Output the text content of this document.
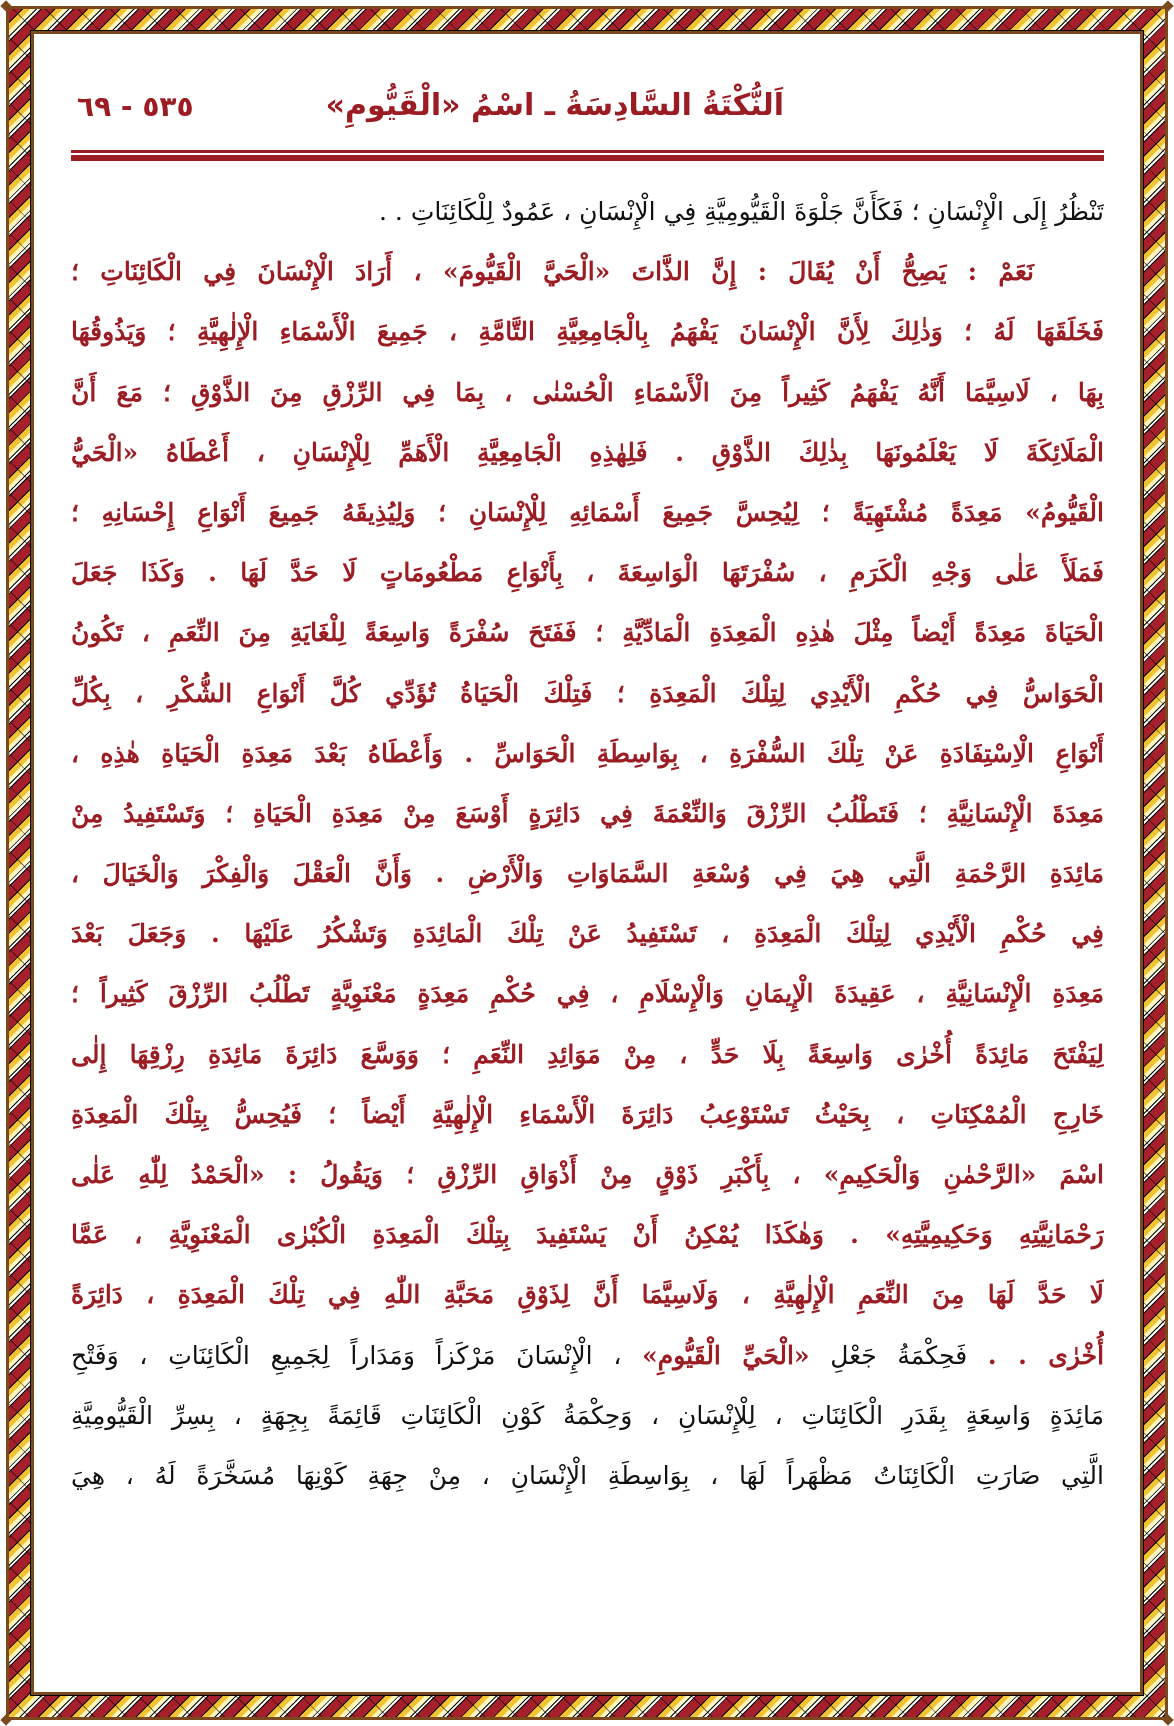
اَلنُّكْتَةُ السَّادِسَةُ ـ اسْمُ «الْقَيُّومِ»
٥٣٥ - ٦٩
تَنْظُرُ إِلَى الْإِنْسَانِ ؛ فَكَأَنَّ جَلْوَةَ الْقَيُّومِيَّةِ فِي الْإِنْسَانِ ، عَمُودٌ لِلْكَائِنَاتِ . .
نَعَمْ : يَصِحُّ أَنْ يُقَالَ : إِنَّ الذَّاتَ «الْحَيَّ الْقَيُّومَ» ، أَرَادَ الْإِنْسَانَ فِي الْكَائِنَاتِ ؛
فَخَلَقَهَا لَهُ ؛ وَذٰلِكَ لِأَنَّ الْإِنْسَانَ يَفْهَمُ بِالْجَامِعِيَّةِ التَّامَّةِ ، جَمِيعَ الْأَسْمَاءِ الْإِلٰهِيَّةِ ؛ وَيَذُوقُهَا
بِهَا ، لَاسِيَّمَا أَنَّهُ يَفْهَمُ كَثِيراً مِنَ الْأَسْمَاءِ الْحُسْنٰى ، بِمَا فِي الرِّزْقِ مِنَ الذَّوْقِ ؛ مَعَ أَنَّ
الْمَلَائِكَةَ لَا يَعْلَمُونَهَا بِذٰلِكَ الذَّوْقِ . فَلِهٰذِهِ الْجَامِعِيَّةِ الْأَهَمِّ لِلْإِنْسَانِ ، أَعْطَاهُ «الْحَيُّ
الْقَيُّومُ» مَعِدَةً مُشْتَهِيَةً ؛ لِيُحِسَّ جَمِيعَ أَسْمَائِهِ لِلْإِنْسَانِ ؛ وَلِيُذِيقَهُ جَمِيعَ أَنْوَاعِ إِحْسَانِهِ ؛
فَمَلَأَ عَلٰى وَجْهِ الْكَرَمِ ، سُفْرَتَهَا الْوَاسِعَةَ ، بِأَنْوَاعِ مَطْعُومَاتٍ لَا حَدَّ لَهَا . وَكَذَا جَعَلَ
الْحَيَاةَ مَعِدَةً أَيْضاً مِثْلَ هٰذِهِ الْمَعِدَةِ الْمَادِّيَّةِ ؛ فَفَتَحَ سُفْرَةً وَاسِعَةً لِلْغَايَةِ مِنَ النِّعَمِ ، تَكُونُ
الْحَوَاسُّ فِي حُكْمِ الْأَيْدِي لِتِلْكَ الْمَعِدَةِ ؛ فَتِلْكَ الْحَيَاةُ تُؤَدِّي كُلَّ أَنْوَاعِ الشُّكْرِ ، بِكُلِّ
أَنْوَاعِ الْاِسْتِفَادَةِ عَنْ تِلْكَ السُّفْرَةِ ، بِوَاسِطَةِ الْحَوَاسِّ . وَأَعْطَاهُ بَعْدَ مَعِدَةِ الْحَيَاةِ هٰذِهِ ،
مَعِدَةَ الْإِنْسَانِيَّةِ ؛ فَتَطْلُبُ الرِّزْقَ وَالنِّعْمَةَ فِي دَائِرَةٍ أَوْسَعَ مِنْ مَعِدَةِ الْحَيَاةِ ؛ وَتَسْتَفِيدُ مِنْ
مَائِدَةِ الرَّحْمَةِ الَّتِي هِيَ فِي وُسْعَةِ السَّمَاوَاتِ وَالْأَرْضِ . وَأَنَّ الْعَقْلَ وَالْفِكْرَ وَالْخَيَالَ ،
فِي حُكْمِ الْأَيْدِي لِتِلْكَ الْمَعِدَةِ ، تَسْتَفِيدُ عَنْ تِلْكَ الْمَائِدَةِ وَتَشْكُرُ عَلَيْهَا . وَجَعَلَ بَعْدَ
مَعِدَةِ الْإِنْسَانِيَّةِ ، عَقِيدَةَ الْإِيمَانِ وَالْإِسْلَامِ ، فِي حُكْمِ مَعِدَةٍ مَعْنَوِيَّةٍ تَطْلُبُ الرِّزْقَ كَثِيراً ؛
لِيَفْتَحَ مَائِدَةً أُخْرٰى وَاسِعَةً بِلَا حَدٍّ ، مِنْ مَوَائِدِ النِّعَمِ ؛ وَوَسَّعَ دَائِرَةَ مَائِدَةِ رِزْقِهَا إِلٰى
خَارِجِ الْمُمْكِنَاتِ ، بِحَيْثُ تَسْتَوْعِبُ دَائِرَةَ الْأَسْمَاءِ الْإِلٰهِيَّةِ أَيْضاً ؛ فَيُحِسُّ بِتِلْكَ الْمَعِدَةِ
اسْمَ «الرَّحْمٰنِ وَالْحَكِيمِ» ، بِأَكْبَرِ ذَوْقٍ مِنْ أَذْوَاقِ الرِّزْقِ ؛ وَيَقُولُ : «الْحَمْدُ لِلّٰهِ عَلٰى
رَحْمَانِيَّتِهِ وَحَكِيمِيَّتِهِ» . وَهٰكَذَا يُمْكِنُ أَنْ يَسْتَفِيدَ بِتِلْكَ الْمَعِدَةِ الْكُبْرٰى الْمَعْنَوِيَّةِ ، عَمَّا
لَا حَدَّ لَهَا مِنَ النِّعَمِ الْإِلٰهِيَّةِ ، وَلَاسِيَّمَا أَنَّ لِذَوْقِ مَحَبَّةِ اللّٰهِ فِي تِلْكَ الْمَعِدَةِ ، دَائِرَةً
أُخْرٰى . . فَحِكْمَةُ جَعْلِ «الْحَيِّ الْقَيُّومِ» ، الْإِنْسَانَ مَرْكَزاً وَمَدَاراً لِجَمِيعِ الْكَائِنَاتِ ، وَفَتْحِ
مَائِدَةٍ وَاسِعَةٍ بِقَدَرِ الْكَائِنَاتِ ، لِلْإِنْسَانِ ، وَحِكْمَةُ كَوْنِ الْكَائِنَاتِ قَائِمَةً بِجِهَةٍ ، بِسِرِّ الْقَيُّومِيَّةِ
الَّتِي صَارَتِ الْكَائِنَاتُ مَظْهَراً لَهَا ، بِوَاسِطَةِ الْإِنْسَانِ ، مِنْ جِهَةِ كَوْنِهَا مُسَخَّرَةً لَهُ ، هِيَ
